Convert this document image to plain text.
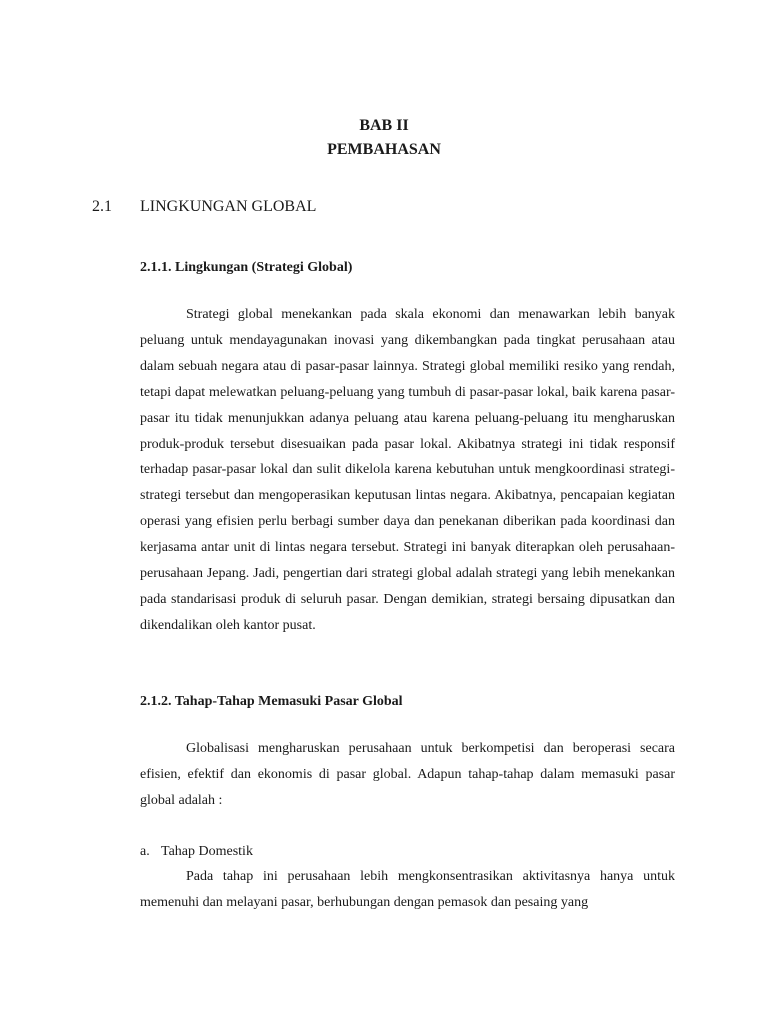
BAB II
PEMBAHASAN
2.1 LINGKUNGAN GLOBAL
2.1.1. Lingkungan (Strategi Global)

Strategi global menekankan pada skala ekonomi dan menawarkan lebih banyak peluang untuk mendayagunakan inovasi yang dikembangkan pada tingkat perusahaan atau dalam sebuah negara atau di pasar-pasar lainnya. Strategi global memiliki resiko yang rendah, tetapi dapat melewatkan peluang-peluang yang tumbuh di pasar-pasar lokal, baik karena pasar-pasar itu tidak menunjukkan adanya peluang atau karena peluang-peluang itu mengharuskan produk-produk tersebut disesuaikan pada pasar lokal. Akibatnya strategi ini tidak responsif terhadap pasar-pasar lokal dan sulit dikelola karena kebutuhan untuk mengkoordinasi strategi-strategi tersebut dan mengoperasikan keputusan lintas negara. Akibatnya, pencapaian kegiatan operasi yang efisien perlu berbagi sumber daya dan penekanan diberikan pada koordinasi dan kerjasama antar unit di lintas negara tersebut. Strategi ini banyak diterapkan oleh perusahaan-perusahaan Jepang. Jadi, pengertian dari strategi global adalah strategi yang lebih menekankan pada standarisasi produk di seluruh pasar. Dengan demikian, strategi bersaing dipusatkan dan dikendalikan oleh kantor pusat.

2.1.2. Tahap-Tahap Memasuki Pasar Global

Globalisasi mengharuskan perusahaan untuk berkompetisi dan beroperasi secara efisien, efektif dan ekonomis di pasar global. Adapun tahap-tahap dalam memasuki pasar global adalah :

a. Tahap Domestik

Pada tahap ini perusahaan lebih mengkonsentrasikan aktivitasnya hanya untuk memenuhi dan melayani pasar, berhubungan dengan pemasok dan pesaing yang
